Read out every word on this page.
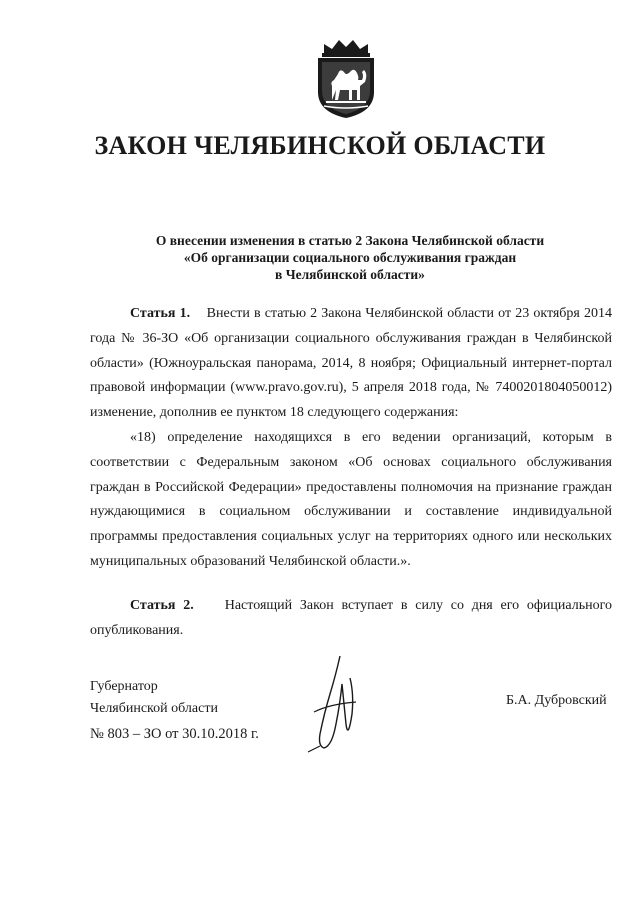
ЗАКОН ЧЕЛЯБИНСКОЙ ОБЛАСТИ
О внесении изменения в статью 2 Закона Челябинской области
«Об организации социального обслуживания граждан
в Челябинской области»

Статья 1. Внести в статью 2 Закона Челябинской области от 23 октября 2014 года № 36-ЗО «Об организации социального обслуживания граждан в Челябинской области» (Южноуральская панорама, 2014, 8 ноября; Официальный интернет-портал правовой информации (www.pravo.gov.ru), 5 апреля 2018 года, № 7400201804050012) изменение, дополнив ее пунктом 18 следующего содержания:

«18) определение находящихся в его ведении организаций, которым в соответствии с Федеральным законом «Об основах социального обслуживания граждан в Российской Федерации» предоставлены полномочия на признание граждан нуждающимися в социальном обслуживании и составление индивидуальной программы предоставления социальных услуг на территориях одного или нескольких муниципальных образований Челябинской области.».

Статья 2. Настоящий Закон вступает в силу со дня его официального опубликования.

Губернатор
Челябинской области
Б.А. Дубровский
№ 803 – ЗО от 30.10.2018 г.
